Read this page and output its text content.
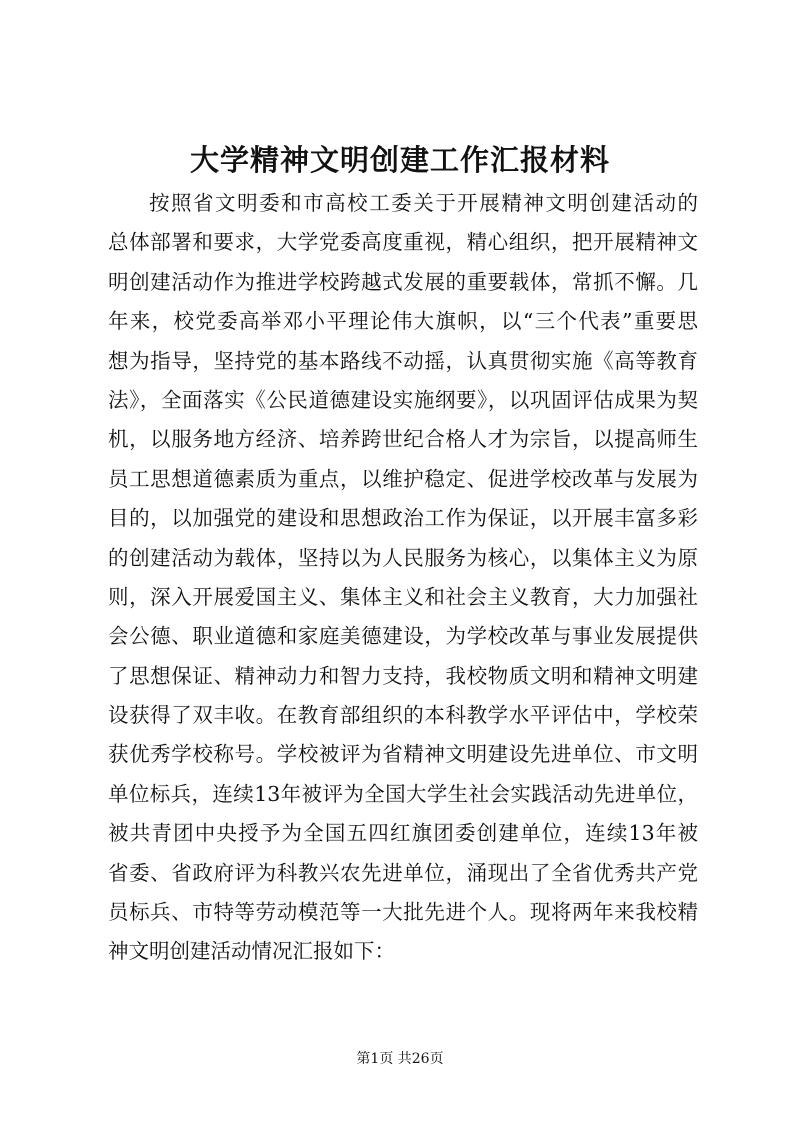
大学精神文明创建工作汇报材料
按照省文明委和市高校工委关于开展精神文明创建活动的
总体部署和要求，大学党委高度重视，精心组织，把开展精神文
明创建活动作为推进学校跨越式发展的重要载体，常抓不懈。几
年来，校党委高举邓小平理论伟大旗帜，以“三个代表”重要思
想为指导，坚持党的基本路线不动摇，认真贯彻实施《高等教育
法》，全面落实《公民道德建设实施纲要》，以巩固评估成果为契
机，以服务地方经济、培养跨世纪合格人才为宗旨，以提高师生
员工思想道德素质为重点，以维护稳定、促进学校改革与发展为
目的，以加强党的建设和思想政治工作为保证，以开展丰富多彩
的创建活动为载体，坚持以为人民服务为核心，以集体主义为原
则，深入开展爱国主义、集体主义和社会主义教育，大力加强社
会公德、职业道德和家庭美德建设，为学校改革与事业发展提供
了思想保证、精神动力和智力支持，我校物质文明和精神文明建
设获得了双丰收。在教育部组织的本科教学水平评估中，学校荣
获优秀学校称号。学校被评为省精神文明建设先进单位、市文明
单位标兵，连续13年被评为全国大学生社会实践活动先进单位，
被共青团中央授予为全国五四红旗团委创建单位，连续13年被
省委、省政府评为科教兴农先进单位，涌现出了全省优秀共产党
员标兵、市特等劳动模范等一大批先进个人。现将两年来我校精
神文明创建活动情况汇报如下：
第1页 共26页
